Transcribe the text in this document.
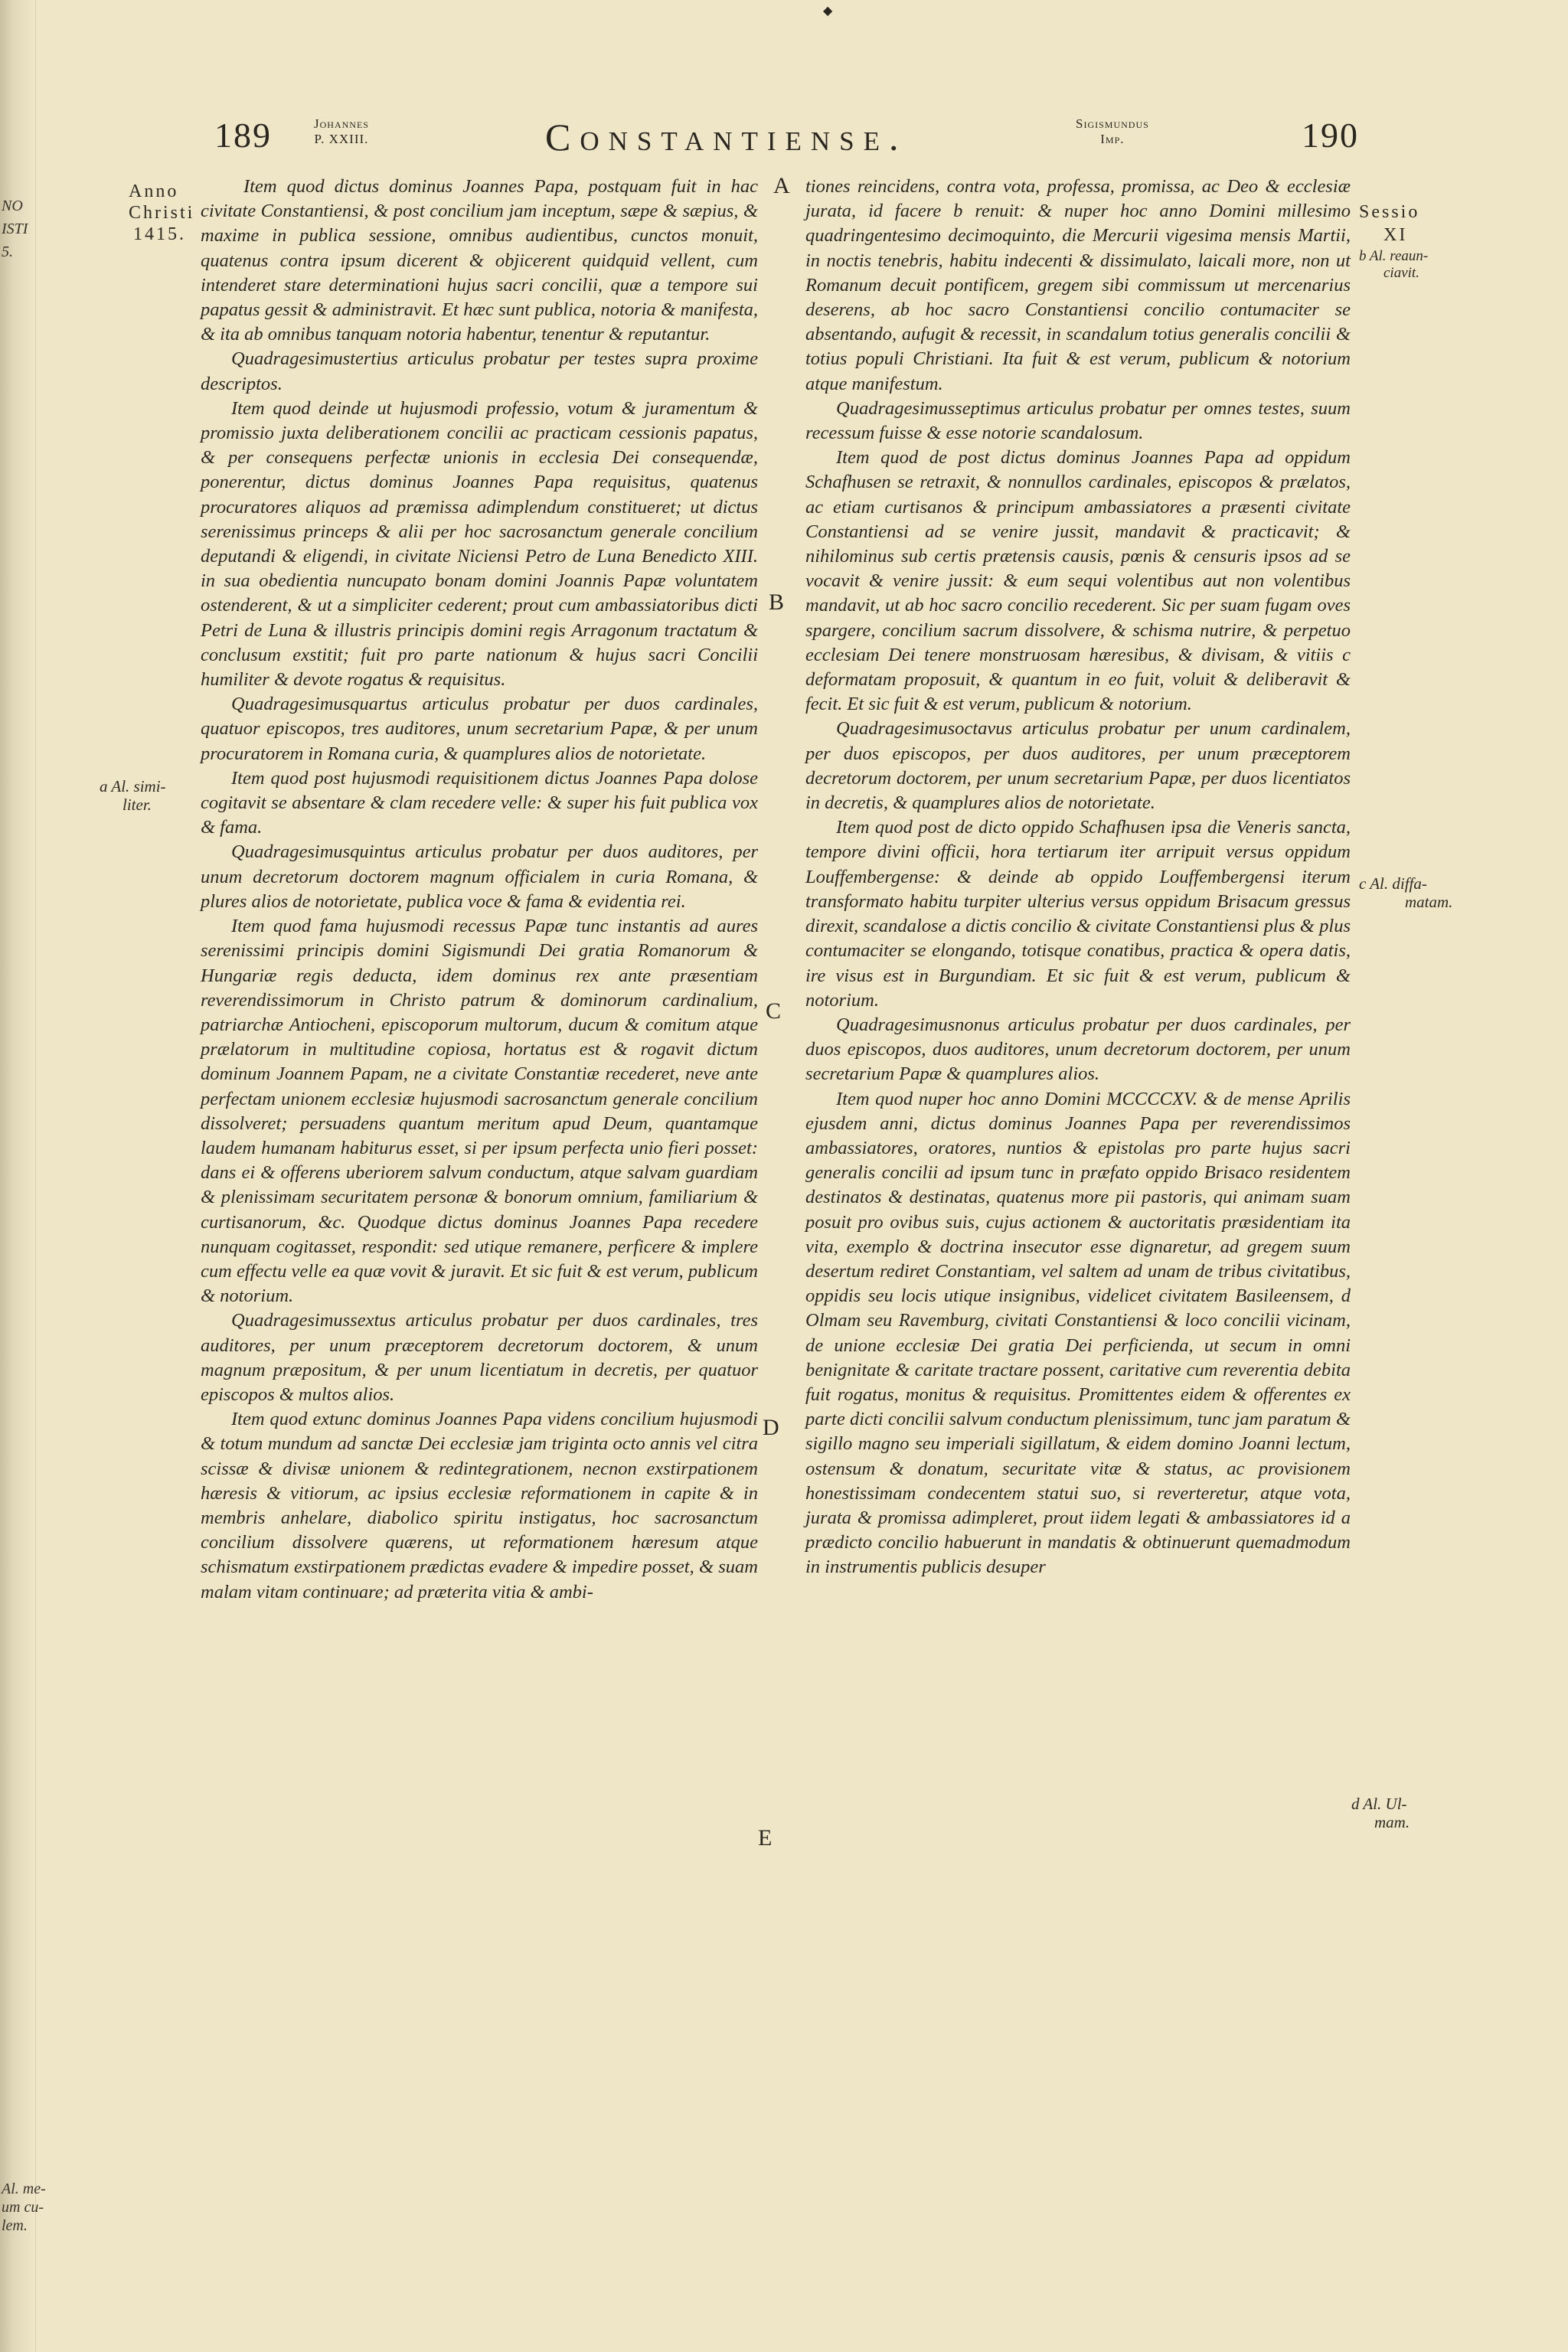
NO
ISTI
5.
Al. me-
um cu-
lem.
◆
189	Johannes
P. XXIII.	Constantiense.	Sigismundus
Imp.	190
Anno
Christi
1415.
a Al. simi-
liter.
Sessio
XI
b Al. reaun-
ciavit.
c Al. diffa-
matam.
d Al. Ul-
mam.
A
B
C
D
E

Item quod dictus dominus Joannes Papa, postquam fuit in hac civitate Constantiensi, & post concilium jam inceptum, sæpe & sæpius, & maxime in publica sessione, omnibus audientibus, cunctos monuit, quatenus contra ipsum dicerent & objicerent quidquid vellent, cum intenderet stare determinationi hujus sacri concilii, quæ a tempore sui papatus gessit & administravit. Et hæc sunt publica, notoria & manifesta, & ita ab omnibus tanquam notoria habentur, tenentur & reputantur.

Quadragesimustertius articulus probatur per testes supra proxime descriptos.

Item quod deinde ut hujusmodi professio, votum & juramentum & promissio juxta deliberationem concilii ac practicam cessionis papatus, & per consequens perfectæ unionis in ecclesia Dei consequendæ, ponerentur, dictus dominus Joannes Papa requisitus, quatenus procuratores aliquos ad præmissa adimplendum constitueret; ut dictus serenissimus princeps & alii per hoc sacrosanctum generale concilium deputandi & eligendi, in civitate Niciensi Petro de Luna Benedicto XIII. in sua obedientia nuncupato bonam domini Joannis Papæ voluntatem ostenderent, & ut a simpliciter cederent; prout cum ambassiatoribus dicti Petri de Luna & illustris principis domini regis Arragonum tractatum & conclusum exstitit; fuit pro parte nationum & hujus sacri Concilii humiliter & devote rogatus & requisitus.

Quadragesimusquartus articulus probatur per duos cardinales, quatuor episcopos, tres auditores, unum secretarium Papæ, & per unum procuratorem in Romana curia, & quamplures alios de notorietate.

Item quod post hujusmodi requisitionem dictus Joannes Papa dolose cogitavit se absentare & clam recedere velle: & super his fuit publica vox & fama.

Quadragesimusquintus articulus probatur per duos auditores, per unum decretorum doctorem magnum officialem in curia Romana, & plures alios de notorietate, publica voce & fama & evidentia rei.

Item quod fama hujusmodi recessus Papæ tunc instantis ad aures serenissimi principis domini Sigismundi Dei gratia Romanorum & Hungariæ regis deducta, idem dominus rex ante præsentiam reverendissimorum in Christo patrum & dominorum cardinalium, patriarchæ Antiocheni, episcoporum multorum, ducum & comitum atque prælatorum in multitudine copiosa, hortatus est & rogavit dictum dominum Joannem Papam, ne a civitate Constantiæ recederet, neve ante perfectam unionem ecclesiæ hujusmodi sacrosanctum generale concilium dissolveret; persuadens quantum meritum apud Deum, quantamque laudem humanam habiturus esset, si per ipsum perfecta unio fieri posset: dans ei & offerens uberiorem salvum conductum, atque salvam guardiam & plenissimam securitatem personæ & bonorum omnium, familiarium & curtisanorum, &c. Quodque dictus dominus Joannes Papa recedere nunquam cogitasset, respondit: sed utique remanere, perficere & implere cum effectu velle ea quæ vovit & juravit. Et sic fuit & est verum, publicum & notorium.

Quadragesimussextus articulus probatur per duos cardinales, tres auditores, per unum præceptorem decretorum doctorem, & unum magnum præpositum, & per unum licentiatum in decretis, per quatuor episcopos & multos alios.

Item quod extunc dominus Joannes Papa videns concilium hujusmodi & totum mundum ad sanctæ Dei ecclesiæ jam triginta octo annis vel citra scissæ & divisæ unionem & redintegrationem, necnon exstirpationem hæresis & vitiorum, ac ipsius ecclesiæ reformationem in capite & in membris anhelare, diabolico spiritu instigatus, hoc sacrosanctum concilium dissolvere quærens, ut reformationem hæresum atque schismatum exstirpationem prædictas evadere & impedire posset, & suam malam vitam continuare; ad præterita vitia & ambi-

tiones reincidens, contra vota, professa, promissa, ac Deo & ecclesiæ jurata, id facere b renuit: & nuper hoc anno Domini millesimo quadringentesimo decimoquinto, die Mercurii vigesima mensis Martii, in noctis tenebris, habitu indecenti & dissimulato, laicali more, non ut Romanum decuit pontificem, gregem sibi commissum ut mercenarius deserens, ab hoc sacro Constantiensi concilio contumaciter se absentando, aufugit & recessit, in scandalum totius generalis concilii & totius populi Christiani. Ita fuit & est verum, publicum & notorium atque manifestum.

Quadragesimusseptimus articulus probatur per omnes testes, suum recessum fuisse & esse notorie scandalosum.

Item quod de post dictus dominus Joannes Papa ad oppidum Schafhusen se retraxit, & nonnullos cardinales, episcopos & prælatos, ac etiam curtisanos & principum ambassiatores a præsenti civitate Constantiensi ad se venire jussit, mandavit & practicavit; & nihilominus sub certis prætensis causis, pœnis & censuris ipsos ad se vocavit & venire jussit: & eum sequi volentibus aut non volentibus mandavit, ut ab hoc sacro concilio recederent. Sic per suam fugam oves spargere, concilium sacrum dissolvere, & schisma nutrire, & perpetuo ecclesiam Dei tenere monstruosam hæresibus, & divisam, & vitiis c deformatam proposuit, & quantum in eo fuit, voluit & deliberavit & fecit. Et sic fuit & est verum, publicum & notorium.

Quadragesimusoctavus articulus probatur per unum cardinalem, per duos episcopos, per duos auditores, per unum præceptorem decretorum doctorem, per unum secretarium Papæ, per duos licentiatos in decretis, & quamplures alios de notorietate.

Item quod post de dicto oppido Schafhusen ipsa die Veneris sancta, tempore divini officii, hora tertiarum iter arripuit versus oppidum Louffembergense: & deinde ab oppido Louffembergensi iterum transformato habitu turpiter ulterius versus oppidum Brisacum gressus direxit, scandalose a dictis concilio & civitate Constantiensi plus & plus contumaciter se elongando, totisque conatibus, practica & opera datis, ire visus est in Burgundiam. Et sic fuit & est verum, publicum & notorium.

Quadragesimusnonus articulus probatur per duos cardinales, per duos episcopos, duos auditores, unum decretorum doctorem, per unum secretarium Papæ & quamplures alios.

Item quod nuper hoc anno Domini MCCCCXV. & de mense Aprilis ejusdem anni, dictus dominus Joannes Papa per reverendissimos ambassiatores, oratores, nuntios & epistolas pro parte hujus sacri generalis concilii ad ipsum tunc in præfato oppido Brisaco residentem destinatos & destinatas, quatenus more pii pastoris, qui animam suam posuit pro ovibus suis, cujus actionem & auctoritatis præsidentiam ita vita, exemplo & doctrina insecutor esse dignaretur, ad gregem suum desertum rediret Constantiam, vel saltem ad unam de tribus civitatibus, oppidis seu locis utique insignibus, videlicet civitatem Basileensem, d Olmam seu Ravemburg, civitati Constantiensi & loco concilii vicinam, de unione ecclesiæ Dei gratia Dei perficienda, ut secum in omni benignitate & caritate tractare possent, caritative cum reverentia debita fuit rogatus, monitus & requisitus. Promittentes eidem & offerentes ex parte dicti concilii salvum conductum plenissimum, tunc jam paratum & sigillo magno seu imperiali sigillatum, & eidem domino Joanni lectum, ostensum & donatum, securitate vitæ & status, ac provisionem honestissimam condecentem statui suo, si reverteretur, atque vota, jurata & promissa adimpleret, prout iidem legati & ambassiatores id a prædicto concilio habuerunt in mandatis & obtinuerunt quemadmodum in instrumentis publicis desuper
